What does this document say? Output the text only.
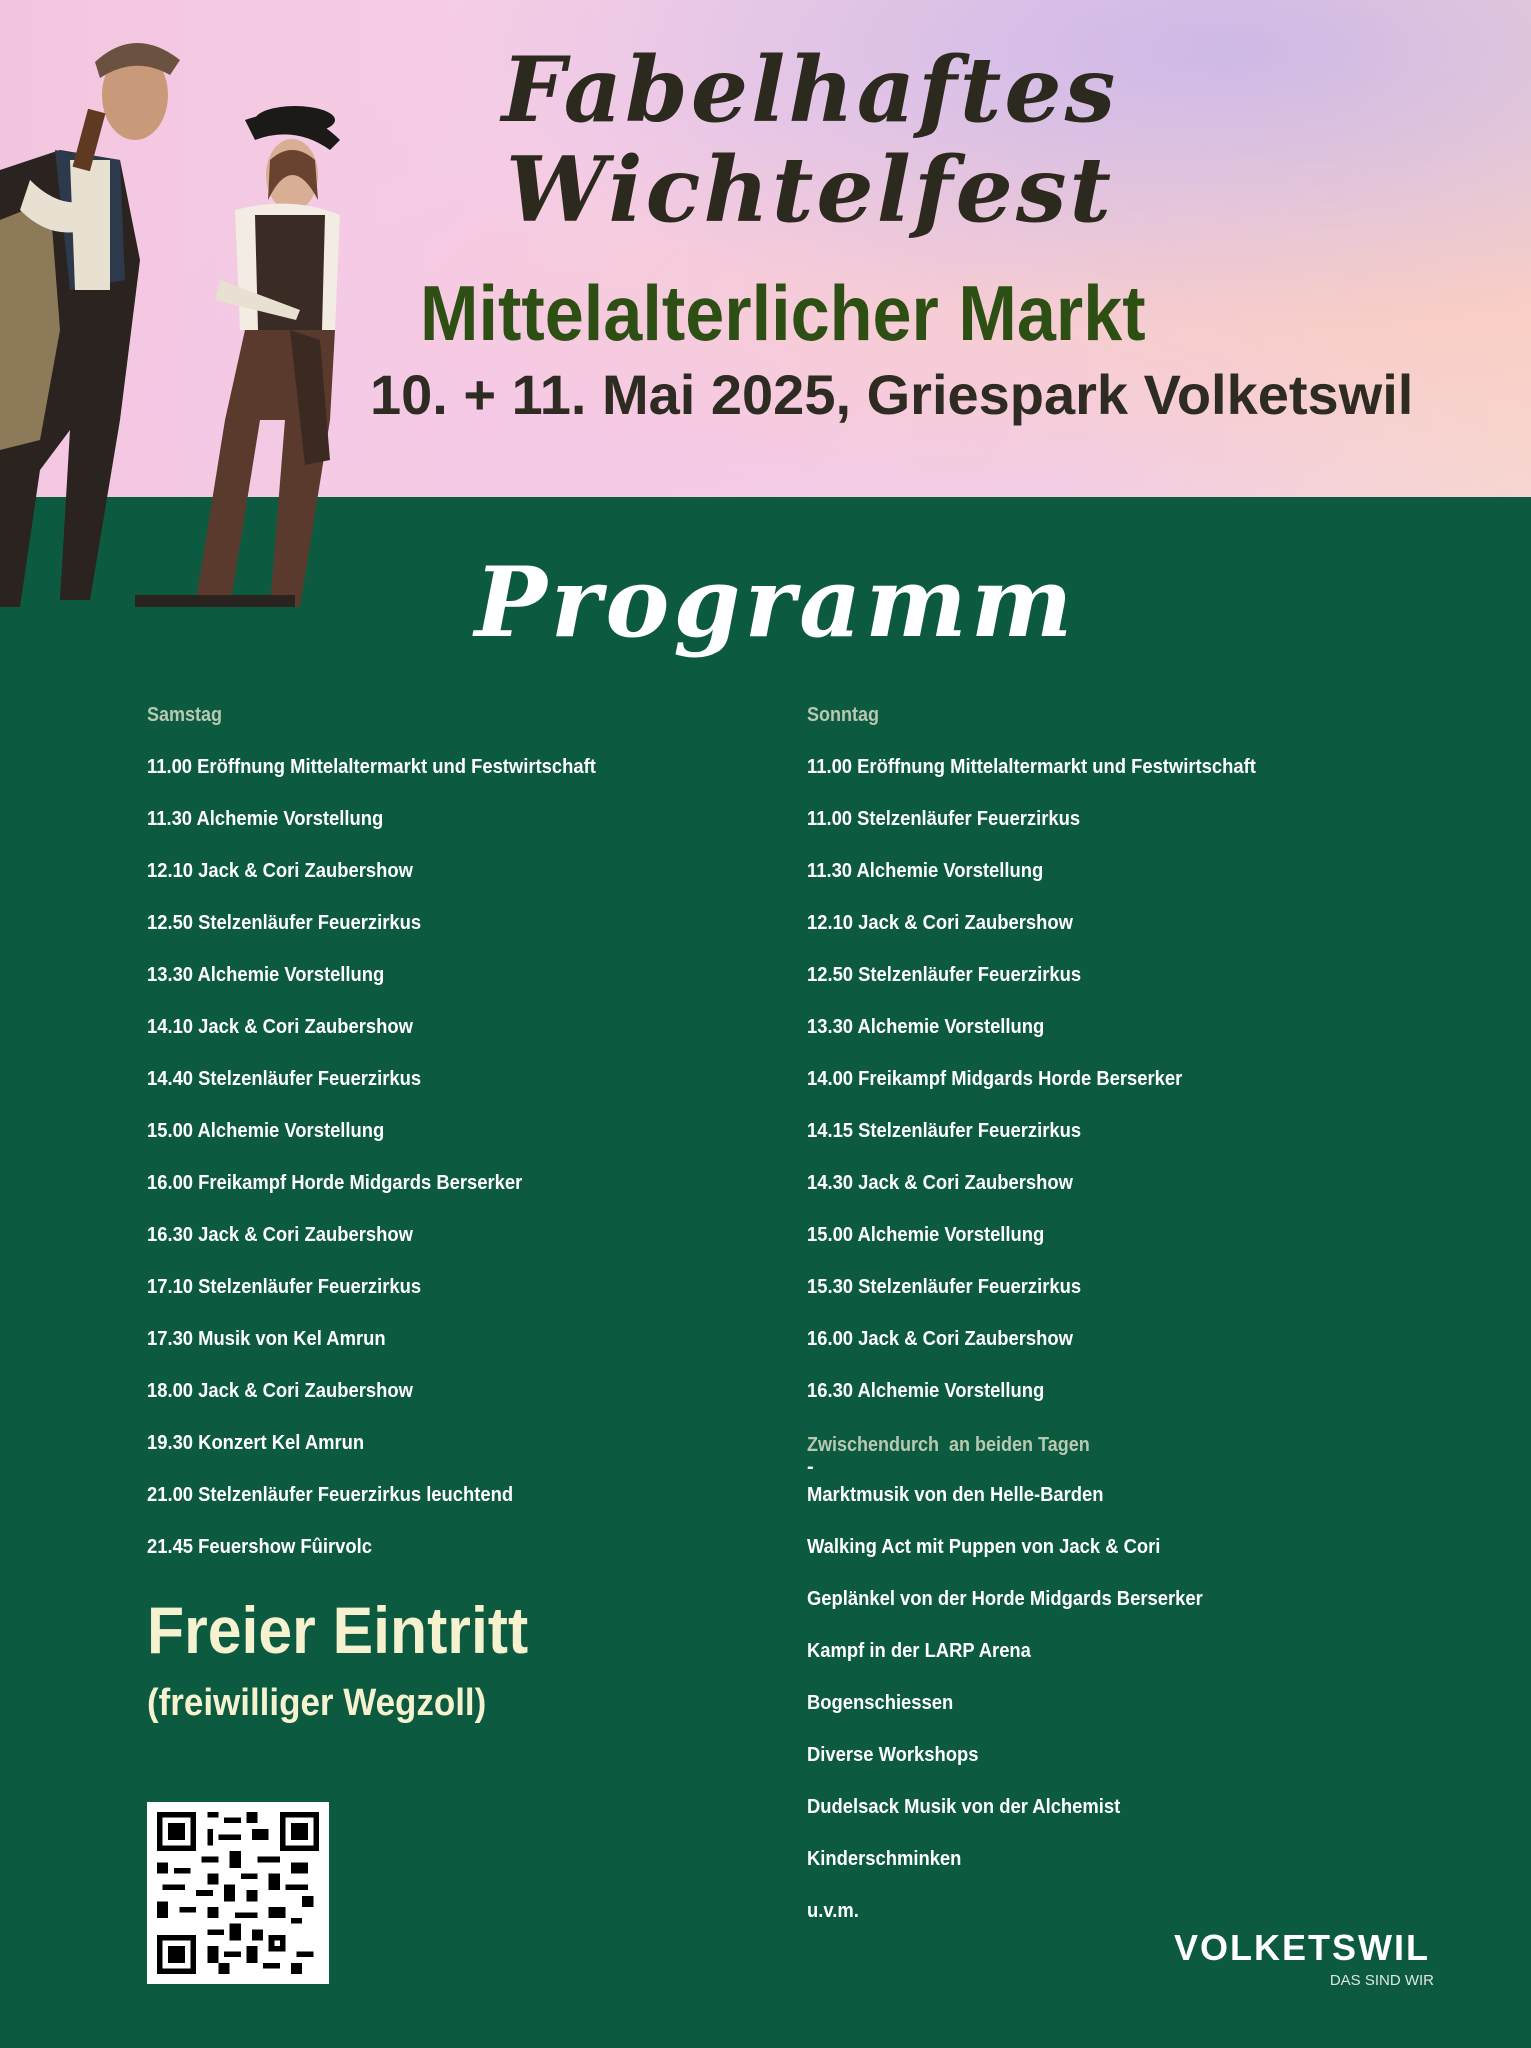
Fabelhaftes

Wichtelfest

Mittelalterlicher Markt

10. + 11. Mai 2025, Griespark Volketswil

Programm

Samstag

11.00 Eröffnung Mittelaltermarkt und Festwirtschaft
11.30 Alchemie Vorstellung
12.10 Jack & Cori Zaubershow
12.50 Stelzenläufer Feuerzirkus
13.30 Alchemie Vorstellung
14.10 Jack & Cori Zaubershow
14.40 Stelzenläufer Feuerzirkus
15.00 Alchemie Vorstellung
16.00 Freikampf Horde Midgards Berserker
16.30 Jack & Cori Zaubershow
17.10 Stelzenläufer Feuerzirkus
17.30 Musik von Kel Amrun
18.00 Jack & Cori Zaubershow
19.30 Konzert Kel Amrun
21.00 Stelzenläufer Feuerzirkus leuchtend
21.45 Feuershow Fûirvolc

Sonntag

11.00 Eröffnung Mittelaltermarkt und Festwirtschaft
11.00 Stelzenläufer Feuerzirkus
11.30 Alchemie Vorstellung
12.10 Jack & Cori Zaubershow
12.50 Stelzenläufer Feuerzirkus
13.30 Alchemie Vorstellung
14.00 Freikampf Midgards Horde Berserker
14.15 Stelzenläufer Feuerzirkus
14.30 Jack & Cori Zaubershow
15.00 Alchemie Vorstellung
15.30 Stelzenläufer Feuerzirkus
16.00 Jack & Cori Zaubershow
16.30 Alchemie Vorstellung

Zwischendurch  an beiden Tagen

-

Marktmusik von den Helle-Barden
Walking Act mit Puppen von Jack & Cori
Geplänkel von der Horde Midgards Berserker
Kampf in der LARP Arena
Bogenschiessen
Diverse Workshops
Dudelsack Musik von der Alchemist
Kinderschminken
u.v.m.

Freier Eintritt

(freiwilliger Wegzoll)

VOLKETSWIL

DAS SIND WIR
